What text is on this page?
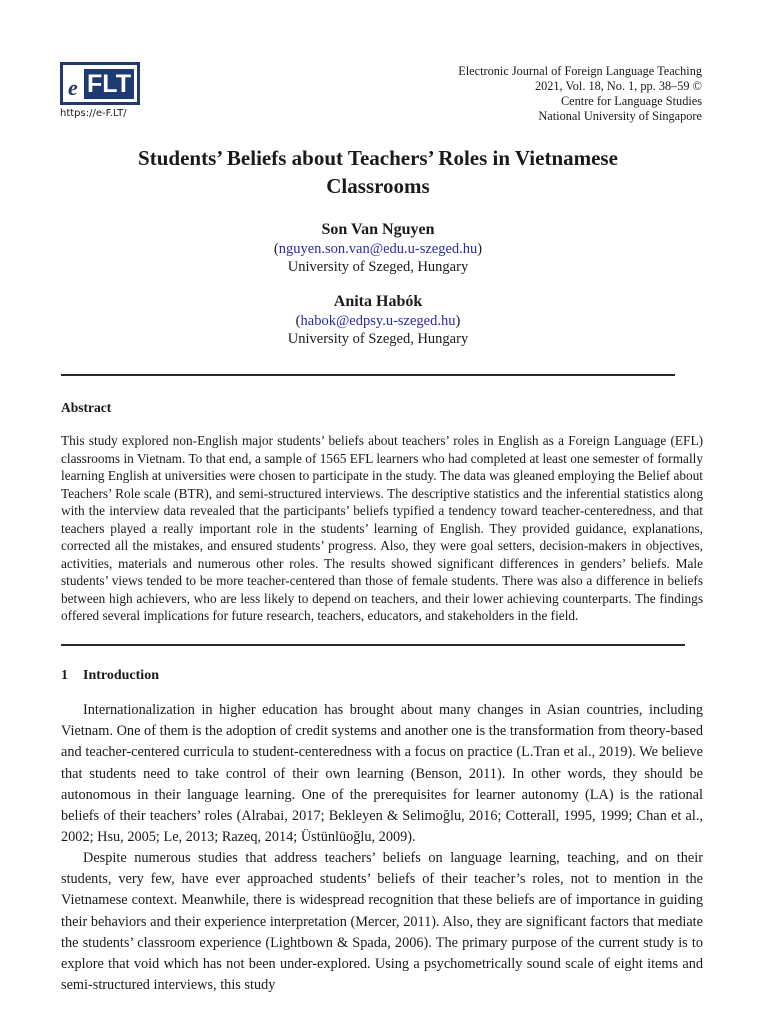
e FLT
https://e-F.LT/
Electronic Journal of Foreign Language Teaching
2021, Vol. 18, No. 1, pp. 38–59 ©
Centre for Language Studies
National University of Singapore
Students’ Beliefs about Teachers’ Roles in Vietnamese
Classrooms
Son Van Nguyen
(nguyen.son.van@edu.u-szeged.hu)
University of Szeged, Hungary
Anita Habók
(habok@edpsy.u-szeged.hu)
University of Szeged, Hungary
Abstract

This study explored non-English major students’ beliefs about teachers’ roles in English as a Foreign Language (EFL) classrooms in Vietnam. To that end, a sample of 1565 EFL learners who had completed at least one semester of formally learning English at universities were chosen to participate in the study. The data was gleaned employing the Belief about Teachers’ Role scale (BTR), and semi-structured interviews. The descriptive statistics and the inferential statistics along with the interview data revealed that the participants’ beliefs typified a tendency toward teacher-centeredness, and that teachers played a really important role in the students’ learning of English. They provided guidance, explanations, corrected all the mistakes, and ensured students’ progress. Also, they were goal setters, decision-makers in objectives, activities, materials and numerous other roles. The results showed significant differences in genders’ beliefs. Male students’ views tended to be more teacher-centered than those of female students. There was also a difference in beliefs between high achievers, who are less likely to depend on teachers, and their lower achieving counterparts. The findings offered several implications for future research, teachers, educators, and stakeholders in the field.

1 Introduction

Internationalization in higher education has brought about many changes in Asian countries, including Vietnam. One of them is the adoption of credit systems and another one is the transformation from theory-based and teacher-centered curricula to student-centeredness with a focus on practice (L.Tran et al., 2019). We believe that students need to take control of their own learning (Benson, 2011). In other words, they should be autonomous in their language learning. One of the prerequisites for learner autonomy (LA) is the rational beliefs of their teachers’ roles (Alrabai, 2017; Bekleyen & Selimoğlu, 2016; Cotterall, 1995, 1999; Chan et al., 2002; Hsu, 2005; Le, 2013; Razeq, 2014; Üstünlüoğlu, 2009).

Despite numerous studies that address teachers’ beliefs on language learning, teaching, and on their students, very few, have ever approached students’ beliefs of their teacher’s roles, not to mention in the Vietnamese context. Meanwhile, there is widespread recognition that these beliefs are of importance in guiding their behaviors and their experience interpretation (Mercer, 2011). Also, they are significant factors that mediate the students’ classroom experience (Lightbown & Spada, 2006). The primary purpose of the current study is to explore that void which has not been under-explored. Using a psychometrically sound scale of eight items and semi-structured interviews, this study
